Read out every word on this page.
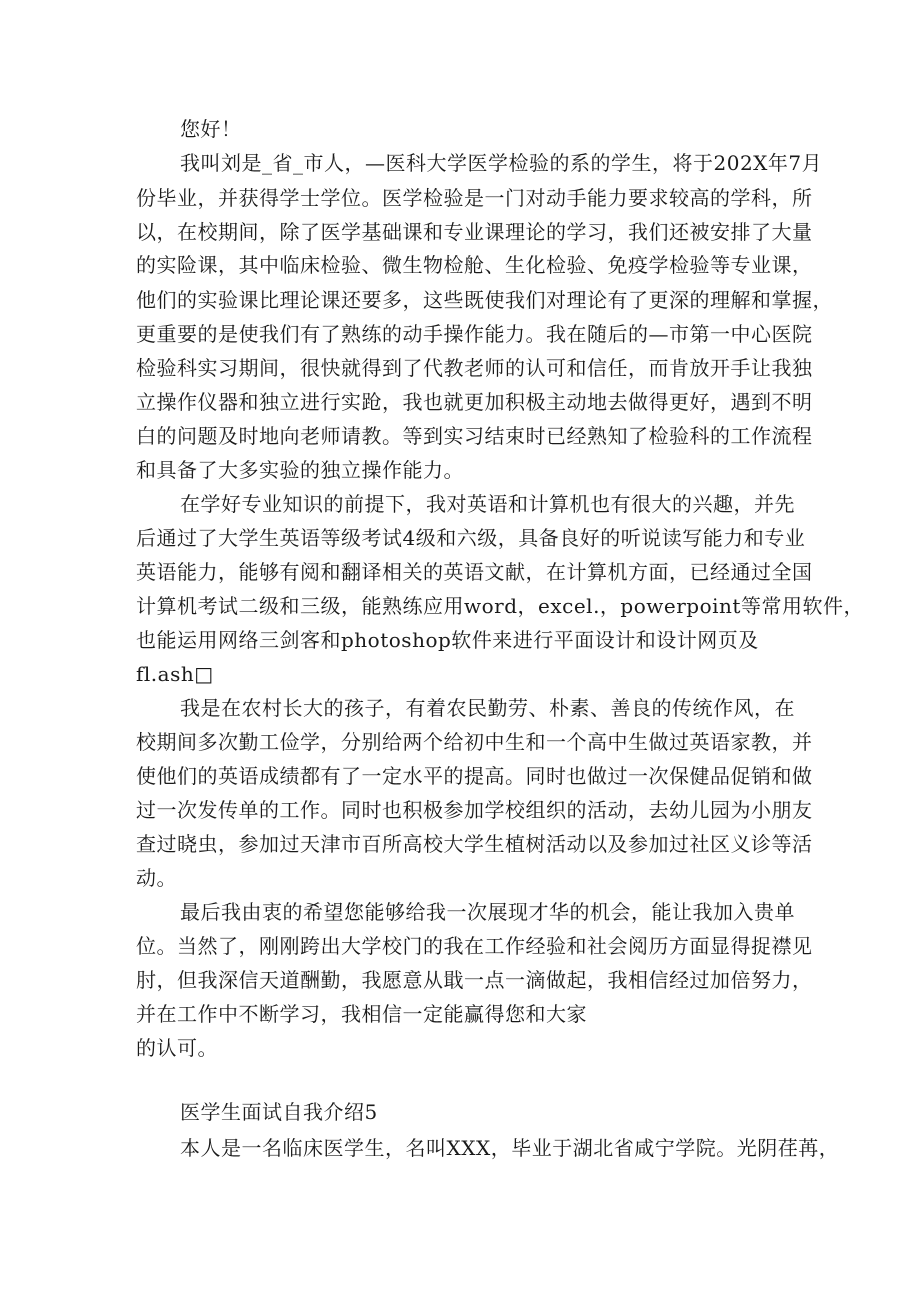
您好！
我叫刘是_省_市人，—医科大学医学检验的系的学生，将于202X年7月
份毕业，并获得学士学位。医学检验是一门对动手能力要求较高的学科，所
以，在校期间，除了医学基础课和专业课理论的学习，我们还被安排了大量
的实险课，其中临床检验、微生物检舱、生化检验、免疫学检验等专业课，
他们的实验课比理论课还要多，这些既使我们对理论有了更深的理解和掌握，
更重要的是使我们有了熟练的动手操作能力。我在随后的—市第一中心医院
检验科实习期间，很快就得到了代教老师的认可和信任，而肯放开手让我独
立操作仪器和独立进行实跄，我也就更加积极主动地去做得更好，遇到不明
白的问题及时地向老师请教。等到实习结束时已经熟知了检验科的工作流程
和具备了大多实验的独立操作能力。
在学好专业知识的前提下，我对英语和计算机也有很大的兴趣，并先
后通过了大学生英语等级考试4级和六级，具备良好的听说读写能力和专业
英语能力，能够有阅和翻译相关的英语文献，在计算机方面，已经通过全国
计算机考试二级和三级，能熟练应用word，excel.，powerpoint等常用软件，
也能运用网络三剑客和photoshop软件来进行平面设计和设计网页及
fl.ash□
我是在农村长大的孩子，有着农民勤劳、朴素、善良的传统作风，在
校期间多次勤工俭学，分别给两个给初中生和一个高中生做过英语家教，并
使他们的英语成绩都有了一定水平的提高。同时也做过一次保健品促销和做
过一次发传单的工作。同时也积极参加学校组织的活动，去幼儿园为小朋友
查过晓虫，参加过天津市百所高校大学生植树活动以及参加过社区义诊等活
动。
最后我由衷的希望您能够给我一次展现才华的机会，能让我加入贵单
位。当然了，刚刚跨出大学校门的我在工作经验和社会阅历方面显得捉襟见
肘，但我深信天道酬勤，我愿意从戢一点一滴做起，我相信经过加倍努力，
并在工作中不断学习，我相信一定能赢得您和大家
的认可。
医学生面试自我介绍5
本人是一名临床医学生，名叫XXX，毕业于湖北省咸宁学院。光阴荏苒，
